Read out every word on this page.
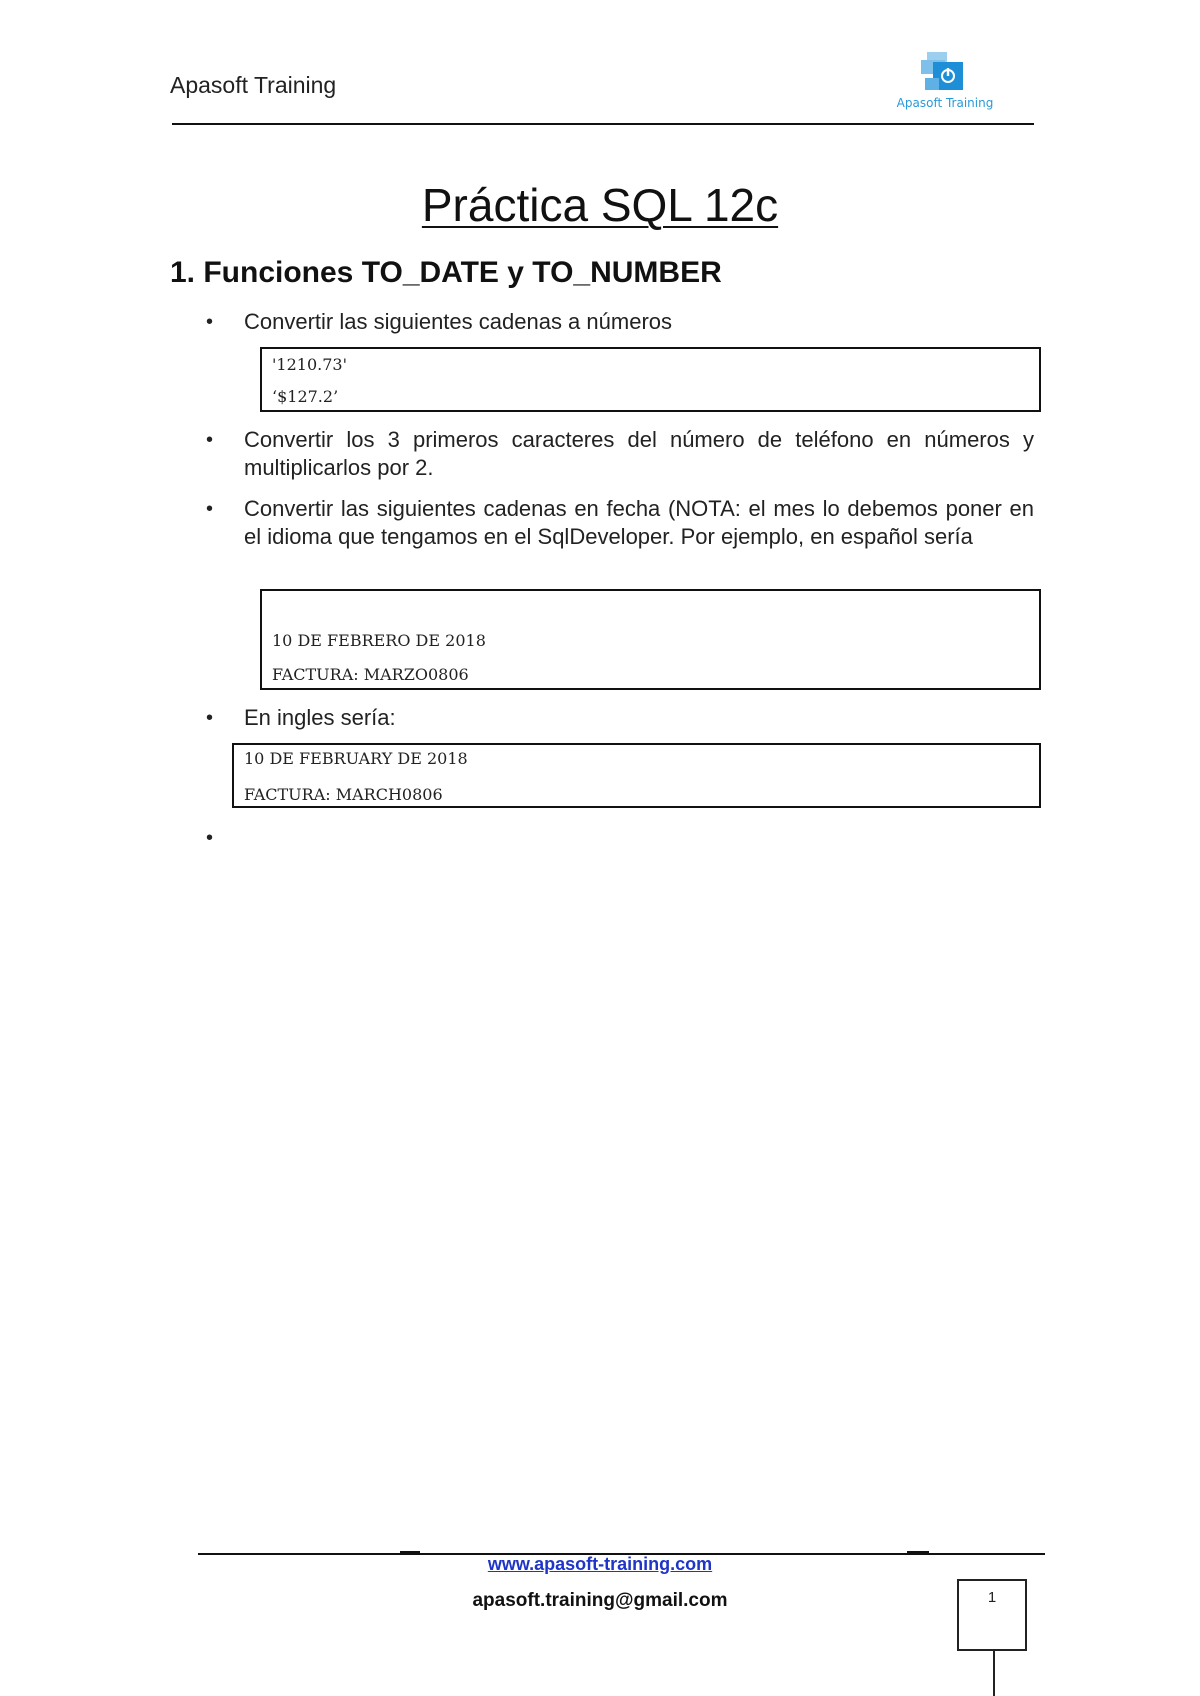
Apasoft Training
Apasoft Training
Práctica SQL 12c
1. Funciones TO_DATE y TO_NUMBER
•	Convertir las siguientes cadenas a números
'1210.73'
‘$127.2’
•	Convertir los 3 primeros caracteres del número de teléfono en números y multiplicarlos por 2.
•	Convertir las siguientes cadenas en fecha (NOTA: el mes lo debemos poner en el idioma que tengamos en el SqlDeveloper. Por ejemplo, en español sería
10 DE FEBRERO DE 2018
FACTURA: MARZO0806
•	En ingles sería:
10 DE FEBRUARY DE 2018
FACTURA: MARCH0806
•
www.apasoft-training.com
apasoft.training@gmail.com	1
